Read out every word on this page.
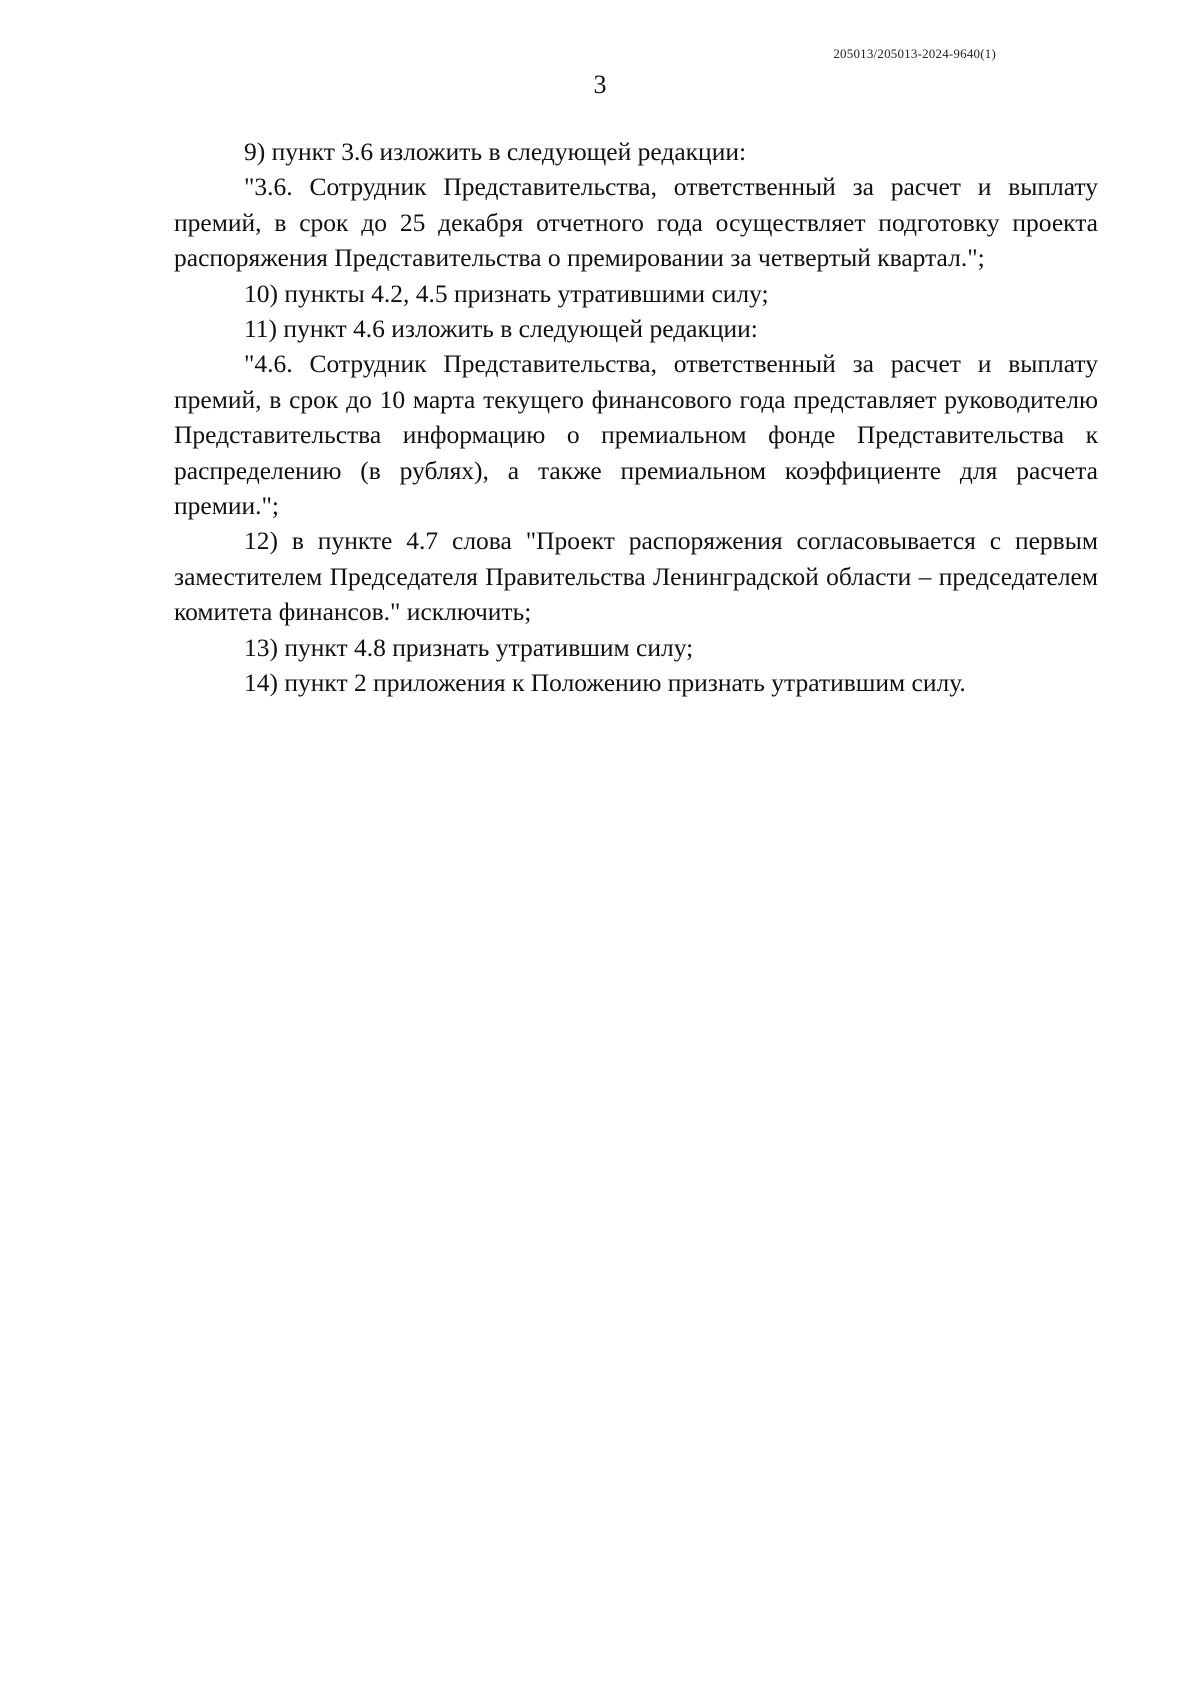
205013/205013-2024-9640(1)
3

9) пункт 3.6 изложить в следующей редакции:

"3.6. Сотрудник Представительства, ответственный за расчет и выплату премий, в срок до 25 декабря отчетного года осуществляет подготовку проекта распоряжения Представительства о премировании за четвертый квартал.";

10) пункты 4.2, 4.5 признать утратившими силу;

11) пункт 4.6 изложить в следующей редакции:

"4.6. Сотрудник Представительства, ответственный за расчет и выплату премий, в срок до 10 марта текущего финансового года представляет руководителю Представительства информацию о премиальном фонде Представительства к распределению (в рублях), а также премиальном коэффициенте для расчета премии.";

12) в пункте 4.7 слова "Проект распоряжения согласовывается с первым заместителем Председателя Правительства Ленинградской области – председателем комитета финансов." исключить;

13) пункт 4.8 признать утратившим силу;

14) пункт 2 приложения к Положению признать утратившим силу.
